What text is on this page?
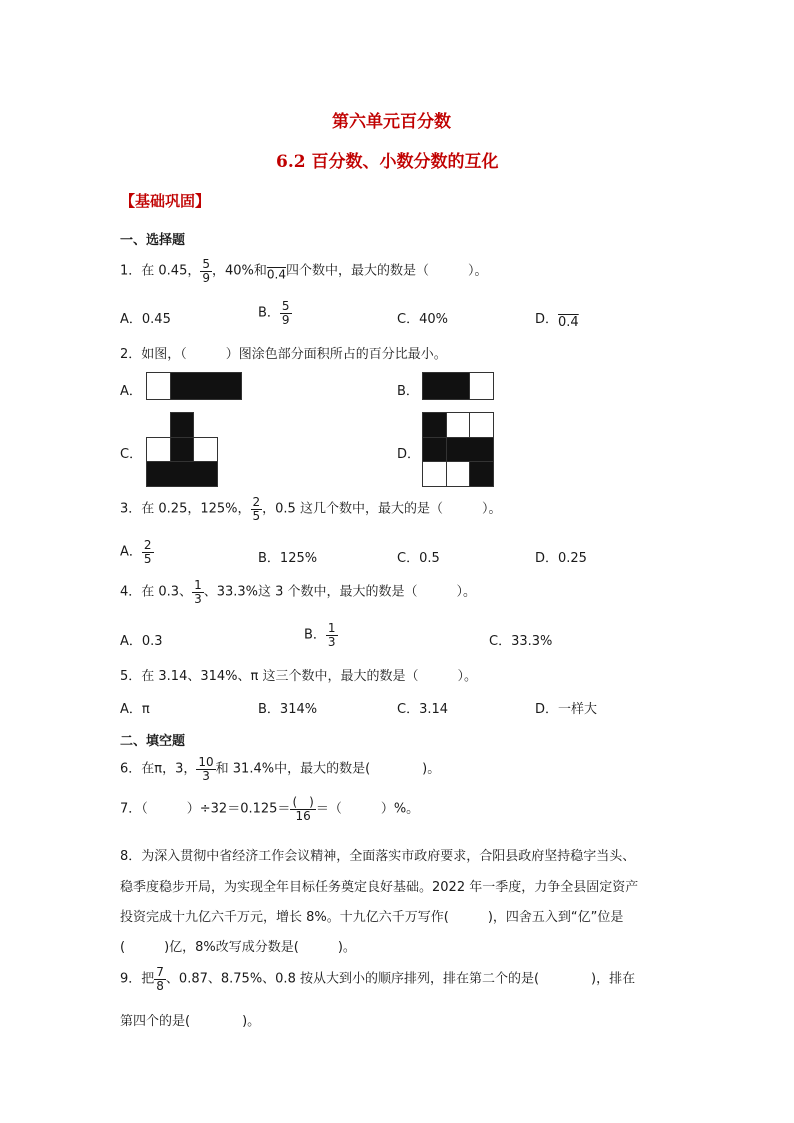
第六单元百分数
6.2 百分数、小数分数的互化
【基础巩固】
一、选择题
1．在 0.45， $\frac{5}{9}$ ，40%和0.4四个数中，最大的数是（　　　）。
A．0.45	B． $\frac{5}{9}$	C．40%	D．0.4
2．如图，（　　　）图涂色部分面积所占的百分比最小。
A．	B．
C．	D．
3．在 0.25，125%， $\frac{2}{5}$ ，0.5 这几个数中，最大的是（　　　）。
A． $\frac{2}{5}$	B．125%	C．0.5	D．0.25
4．在 0.3、 $\frac{1}{3}$ 、33.3%这 3 个数中，最大的数是（　　　）。
A．0.3	B． $\frac{1}{3}$	C．33.3%
5．在 3.14、314%、π 这三个数中，最大的数是（　　　）。
A．π	B．314%	C．3.14	D．一样大
二、填空题
6．在π，3， $\frac{10}{3}$ 和 31.4%中，最大的数是(　　　　)。
7．（　　　）$\div 32=0.125= \frac{( )}{16}$ ＝（　　　）%。
8．为深入贯彻中省经济工作会议精神，全面落实市政府要求，合阳县政府坚持稳字当头、
稳季度稳步开局，为实现全年目标任务奠定良好基础。2022 年一季度，力争全县固定资产
投资完成十九亿六千万元，增长 8%。十九亿六千万写作(　　　)，四舍五入到“亿”位是
(　　　)亿，8%改写成分数是(　　　)。
9．把 $\frac{7}{8}$ 、0.87、8.75%、0.8 按从大到小的顺序排列，排在第二个的是(　　　　)，排在
第四个的是(　　　　)。
